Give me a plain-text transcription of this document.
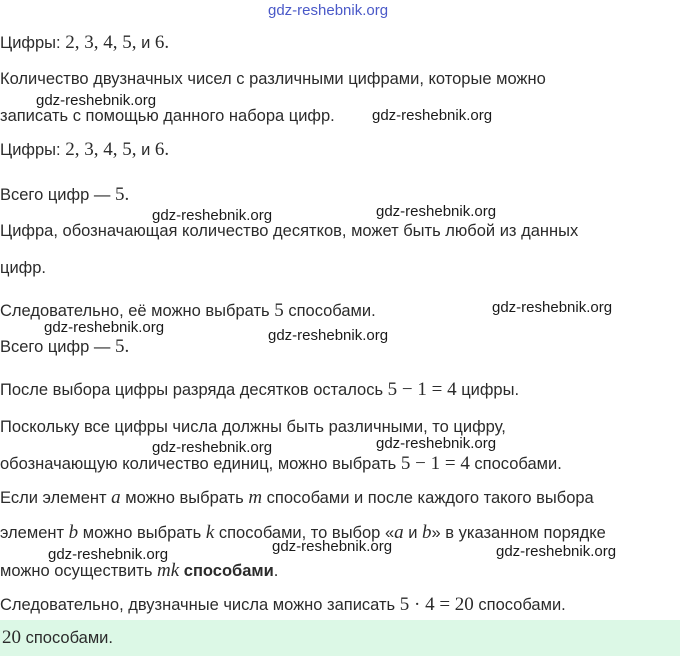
gdz-reshebnik.org
Цифры: 2, 3, 4, 5, и 6.
Количество двузначных чисел с различными цифрами, которые можно
gdz-reshebnik.org
записать с помощью данного набора цифр. gdz-reshebnik.org
Цифры: 2, 3, 4, 5, и 6.
Всего цифр — 5.
gdz-reshebnik.org	gdz-reshebnik.org
Цифра, обозначающая количество десятков, может быть любой из данных
цифр.
Следовательно, её можно выбрать 5 способами.	gdz-reshebnik.org
gdz-reshebnik.org	gdz-reshebnik.org
Всего цифр — 5.
После выбора цифры разряда десятков осталось 5 − 1 = 4 цифры.
Поскольку все цифры числа должны быть различными, то цифру,
gdz-reshebnik.org	gdz-reshebnik.org
обозначающую количество единиц, можно выбрать 5 − 1 = 4 способами.
Если элемент a можно выбрать m способами и после каждого такого выбора
элемент b можно выбрать k способами, то выбор «a и b» в указанном порядке
gdz-reshebnik.org	gdz-reshebnik.org	gdz-reshebnik.org
можно осуществить mk способами.
Следовательно, двузначные числа можно записать 5 · 4 = 20 способами.
20 способами.
